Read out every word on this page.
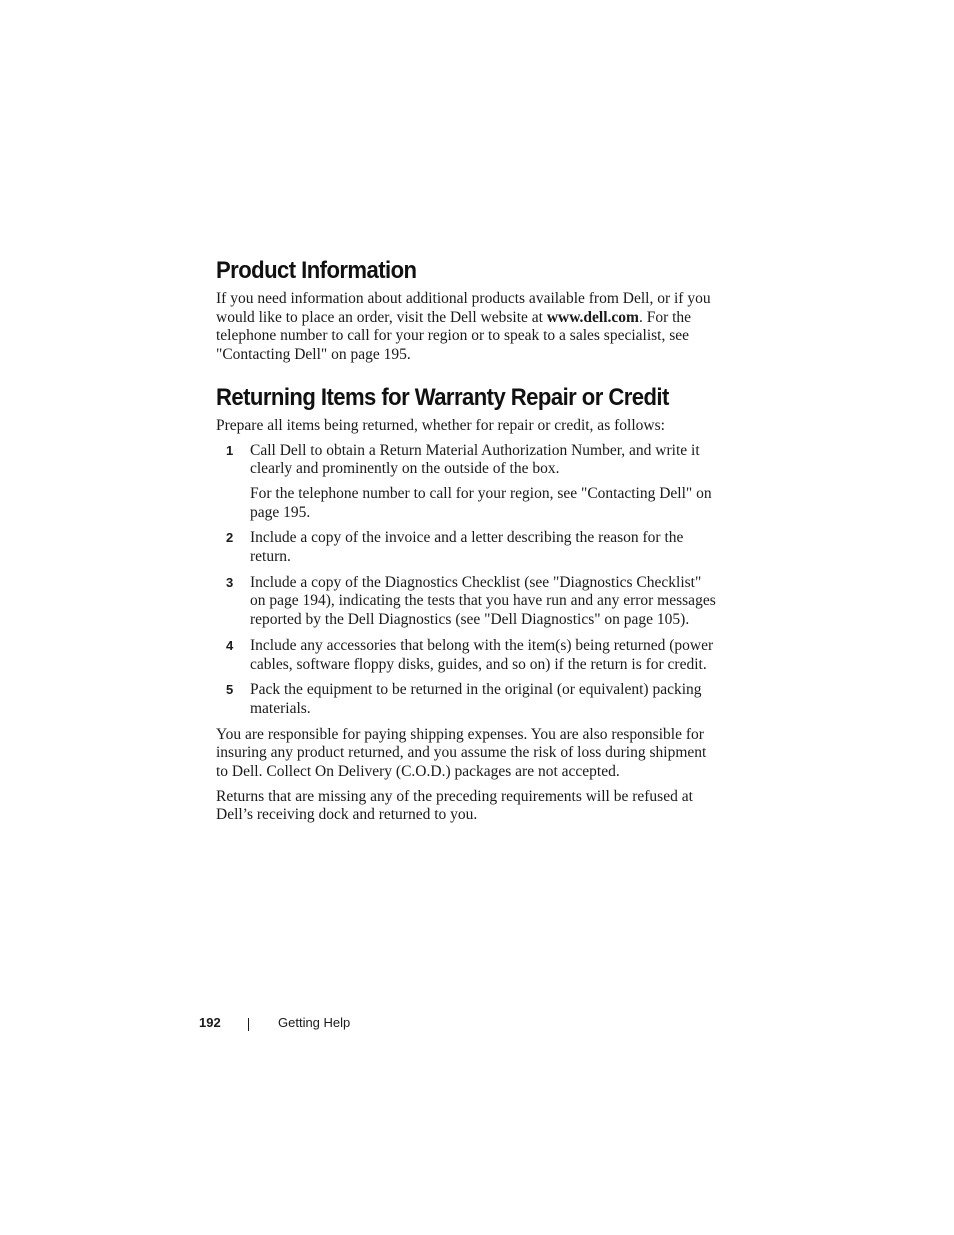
Product Information

If you need information about additional products available from Dell, or if you would like to place an order, visit the Dell website at www.dell.com. For the telephone number to call for your region or to speak to a sales specialist, see "Contacting Dell" on page 195.

Returning Items for Warranty Repair or Credit

Prepare all items being returned, whether for repair or credit, as follows:

1 Call Dell to obtain a Return Material Authorization Number, and write it clearly and prominently on the outside of the box.

For the telephone number to call for your region, see "Contacting Dell" on page 195.

2 Include a copy of the invoice and a letter describing the reason for the return.

3 Include a copy of the Diagnostics Checklist (see "Diagnostics Checklist" on page 194), indicating the tests that you have run and any error messages reported by the Dell Diagnostics (see "Dell Diagnostics" on page 105).

4 Include any accessories that belong with the item(s) being returned (power cables, software floppy disks, guides, and so on) if the return is for credit.

5 Pack the equipment to be returned in the original (or equivalent) packing materials.

You are responsible for paying shipping expenses. You are also responsible for insuring any product returned, and you assume the risk of loss during shipment to Dell. Collect On Delivery (C.O.D.) packages are not accepted.

Returns that are missing any of the preceding requirements will be refused at Dell’s receiving dock and returned to you.

192	Getting Help
